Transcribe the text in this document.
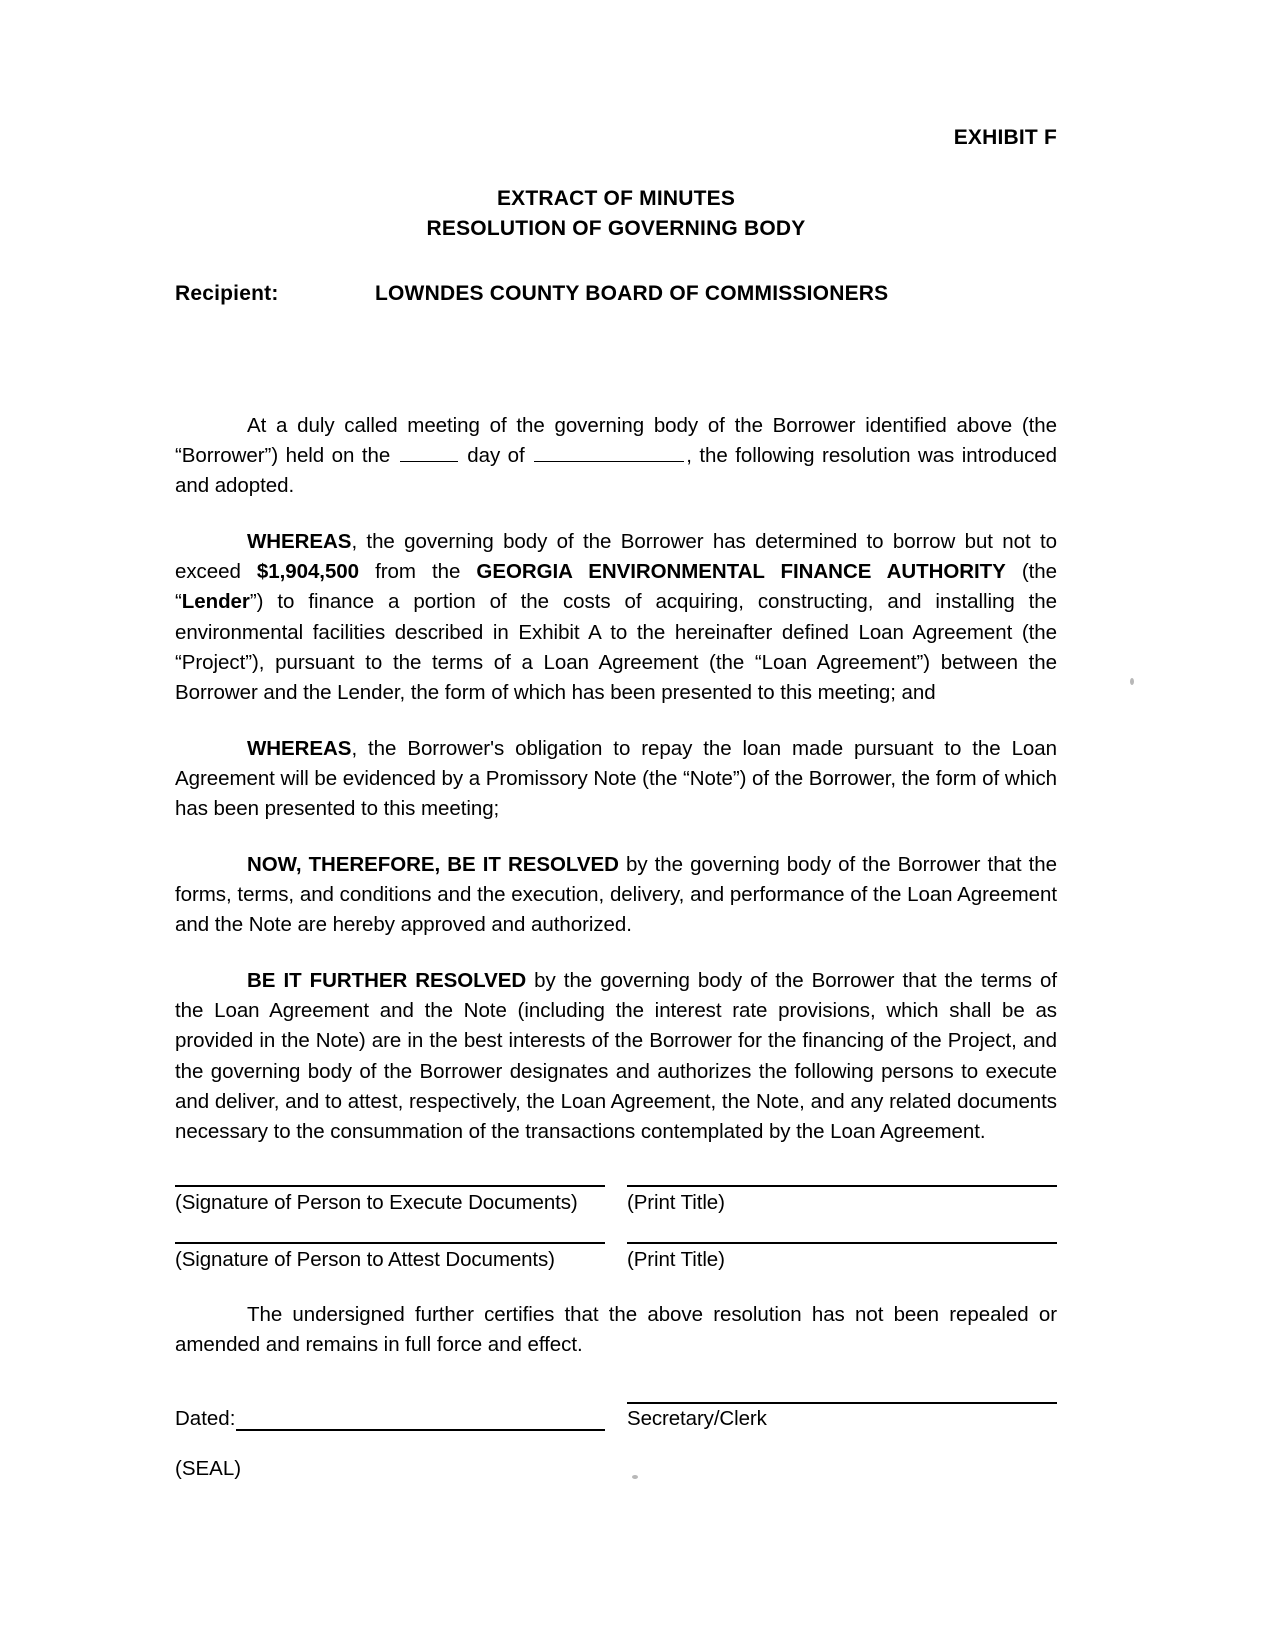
EXHIBIT F
EXTRACT OF MINUTES
RESOLUTION OF GOVERNING BODY
Recipient:	LOWNDES COUNTY BOARD OF COMMISSIONERS

At a duly called meeting of the governing body of the Borrower identified above (the “Borrower”) held on the	day of	, the following resolution was introduced and adopted.

WHEREAS, the governing body of the Borrower has determined to borrow but not to exceed $1,904,500 from the GEORGIA ENVIRONMENTAL FINANCE AUTHORITY (the “Lender”) to finance a portion of the costs of acquiring, constructing, and installing the environmental facilities described in Exhibit A to the hereinafter defined Loan Agreement (the “Project”), pursuant to the terms of a Loan Agreement (the “Loan Agreement”) between the Borrower and the Lender, the form of which has been presented to this meeting; and

WHEREAS, the Borrower's obligation to repay the loan made pursuant to the Loan Agreement will be evidenced by a Promissory Note (the “Note”) of the Borrower, the form of which has been presented to this meeting;

NOW, THEREFORE, BE IT RESOLVED by the governing body of the Borrower that the forms, terms, and conditions and the execution, delivery, and performance of the Loan Agreement and the Note are hereby approved and authorized.

BE IT FURTHER RESOLVED by the governing body of the Borrower that the terms of the Loan Agreement and the Note (including the interest rate provisions, which shall be as provided in the Note) are in the best interests of the Borrower for the financing of the Project, and the governing body of the Borrower designates and authorizes the following persons to execute and deliver, and to attest, respectively, the Loan Agreement, the Note, and any related documents necessary to the consummation of the transactions contemplated by the Loan Agreement.

(Signature of Person to Execute Documents)	(Print Title)
(Signature of Person to Attest Documents)	(Print Title)

The undersigned further certifies that the above resolution has not been repealed or amended and remains in full force and effect.

Dated:	Secretary/Clerk
(SEAL)
